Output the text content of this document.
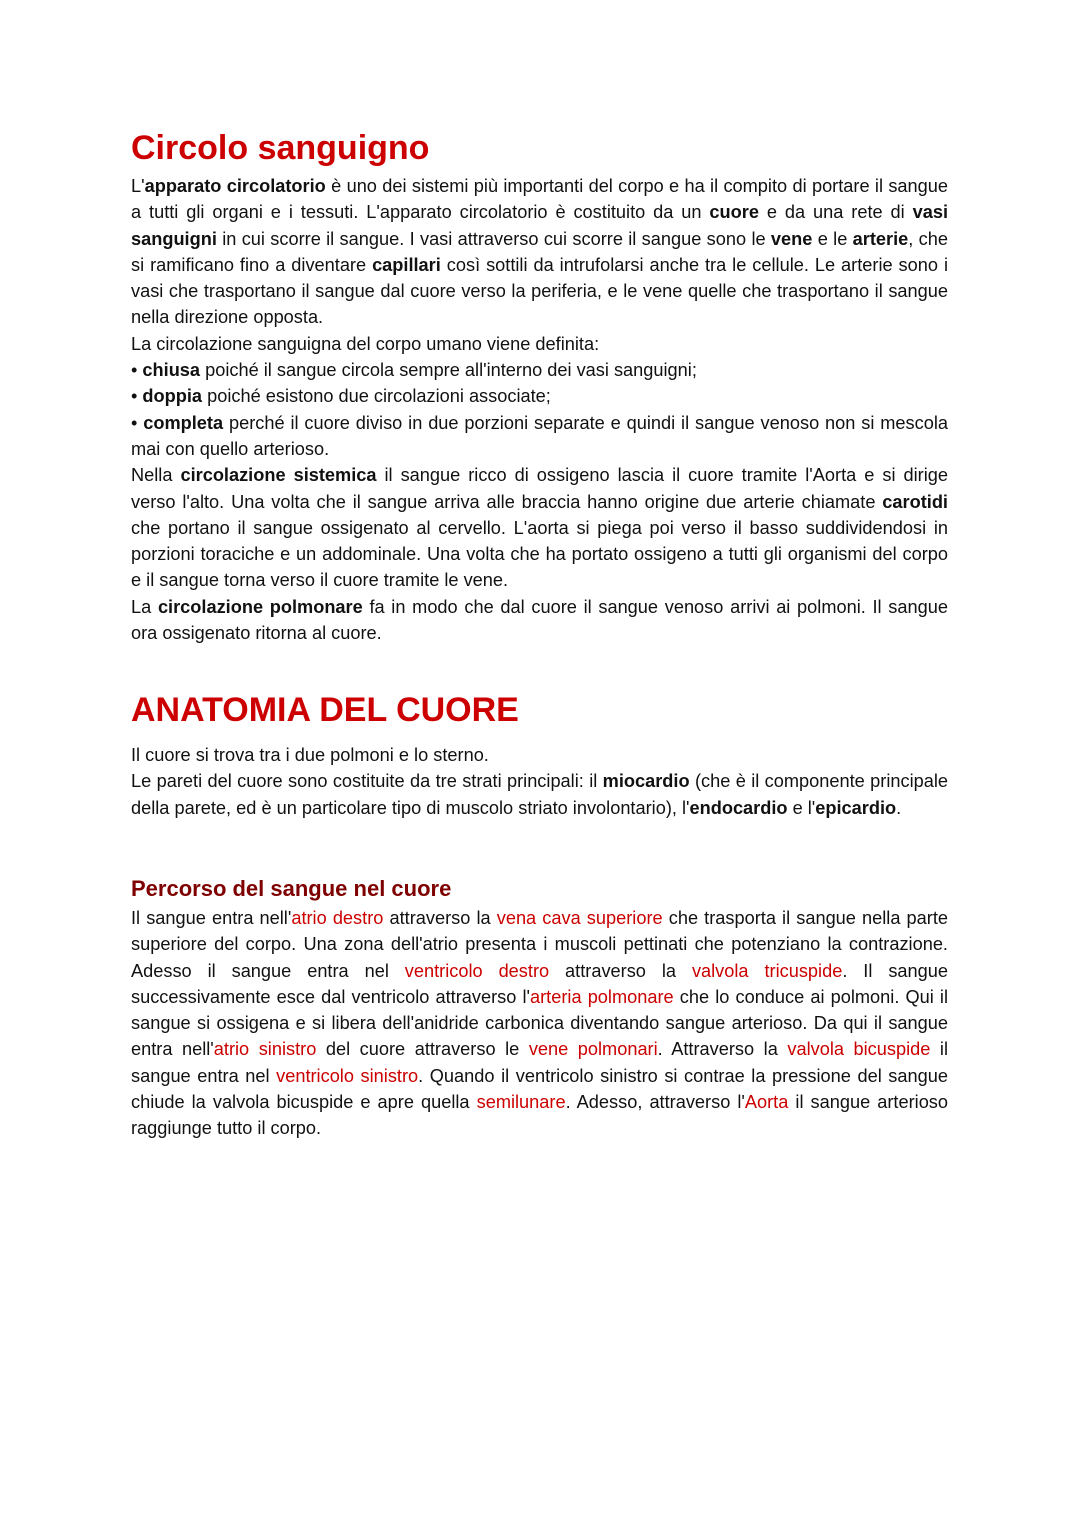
Circolo sanguigno

L'apparato circolatorio è uno dei sistemi più importanti del corpo e ha il compito di portare il sangue a tutti gli organi e i tessuti. L'apparato circolatorio è costituito da un cuore e da una rete di vasi sanguigni in cui scorre il sangue. I vasi attraverso cui scorre il sangue sono le vene e le arterie, che si ramificano fino a diventare capillari così sottili da intrufolarsi anche tra le cellule. Le arterie sono i vasi che trasportano il sangue dal cuore verso la periferia, e le vene quelle che trasportano il sangue nella direzione opposta.

La circolazione sanguigna del corpo umano viene definita:

• chiusa poiché il sangue circola sempre all'interno dei vasi sanguigni;

• doppia poiché esistono due circolazioni associate;

• completa perché il cuore diviso in due porzioni separate e quindi il sangue venoso non si mescola mai con quello arterioso.

Nella circolazione sistemica il sangue ricco di ossigeno lascia il cuore tramite l'Aorta e si dirige verso l'alto. Una volta che il sangue arriva alle braccia hanno origine due arterie chiamate carotidi che portano il sangue ossigenato al cervello. L'aorta si piega poi verso il basso suddividendosi in porzioni toraciche e un addominale. Una volta che ha portato ossigeno a tutti gli organismi del corpo e il sangue torna verso il cuore tramite le vene.

La circolazione polmonare fa in modo che dal cuore il sangue venoso arrivi ai polmoni. Il sangue ora ossigenato ritorna al cuore.

ANATOMIA DEL CUORE

Il cuore si trova tra i due polmoni e lo sterno.

Le pareti del cuore sono costituite da tre strati principali: il miocardio (che è il componente principale della parete, ed è un particolare tipo di muscolo striato involontario), l'endocardio e l'epicardio.

Percorso del sangue nel cuore

Il sangue entra nell'atrio destro attraverso la vena cava superiore che trasporta il sangue nella parte superiore del corpo. Una zona dell'atrio presenta i muscoli pettinati che potenziano la contrazione. Adesso il sangue entra nel ventricolo destro attraverso la valvola tricuspide. Il sangue successivamente esce dal ventricolo attraverso l'arteria polmonare che lo conduce ai polmoni. Qui il sangue si ossigena e si libera dell'anidride carbonica diventando sangue arterioso. Da qui il sangue entra nell'atrio sinistro del cuore attraverso le vene polmonari. Attraverso la valvola bicuspide il sangue entra nel ventricolo sinistro. Quando il ventricolo sinistro si contrae la pressione del sangue chiude la valvola bicuspide e apre quella semilunare. Adesso, attraverso l'Aorta il sangue arterioso raggiunge tutto il corpo.
